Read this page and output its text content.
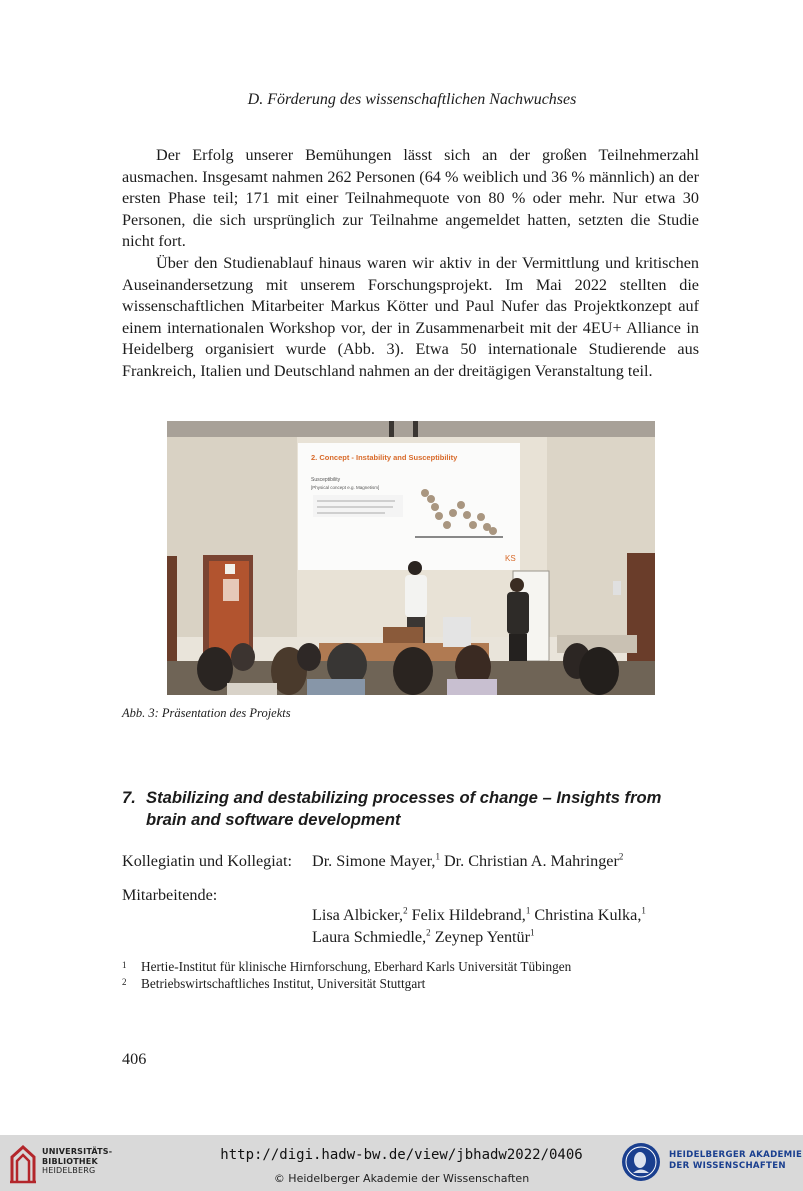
D. Förderung des wissenschaftlichen Nachwuchses

Der Erfolg unserer Bemühungen lässt sich an der großen Teilnehmerzahl ausmachen. Insgesamt nahmen 262 Personen (64 % weiblich und 36 % männlich) an der ersten Phase teil; 171 mit einer Teilnahmequote von 80 % oder mehr. Nur etwa 30 Personen, die sich ursprünglich zur Teilnahme angemeldet hatten, setzten die Studie nicht fort.

Über den Studienablauf hinaus waren wir aktiv in der Vermittlung und kritischen Auseinandersetzung mit unserem Forschungsprojekt. Im Mai 2022 stellten die wissenschaftlichen Mitarbeiter Markus Kötter und Paul Nufer das Projektkonzept auf einem internationalen Workshop vor, der in Zusammenarbeit mit der 4EU+ Alliance in Heidelberg organisiert wurde (Abb. 3). Etwa 50 internationale Studierende aus Frankreich, Italien und Deutschland nahmen an der dreitägigen Veranstaltung teil.

2. Concept - Instability and Susceptibility
Susceptibility
[Physical concept e.g. Magnetism]
KS
Abb. 3: Präsentation des Projekts
7. Stabilizing and destabilizing processes of change – Insights from
brain and software development
Kollegiatin und Kollegiat: Dr. Simone Mayer,$^1$ Dr. Christian A. Mahringer$^2$
Mitarbeitende:
Lisa Albicker,$^2$ Felix Hildebrand,$^1$ Christina Kulka,$^1$
Laura Schmiedle,$^2$ Zeynep Yentür$^1$
1 Hertie-Institut für klinische Hirnforschung, Eberhard Karls Universität Tübingen
2 Betriebswirtschaftliches Institut, Universität Stuttgart
406
UNIVERSITÄTS-
BIBLIOTHEK
HEIDELBERG
http://digi.hadw-bw.de/view/jbhadw2022/0406
© Heidelberger Akademie der Wissenschaften
HEIDELBERGER AKADEMIE
DER WISSENSCHAFTEN
